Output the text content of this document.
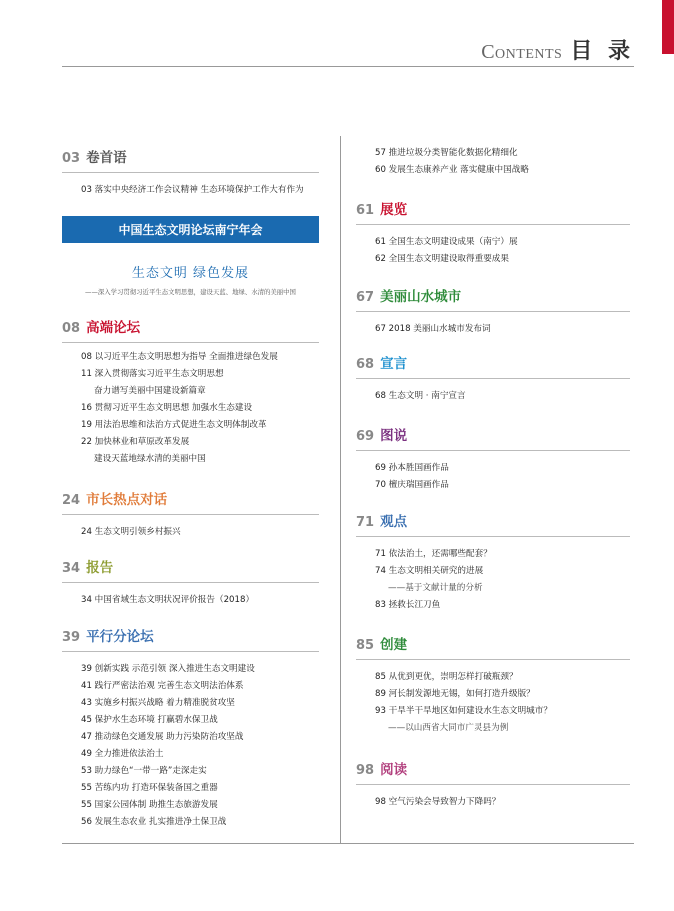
Contents 目 录
03 卷首语
03 落实中央经济工作会议精神 生态环境保护工作大有作为
中国生态文明论坛南宁年会
生态文明 绿色发展
——深入学习贯彻习近平生态文明思想，建设天蓝、地绿、水清的美丽中国
08 高端论坛
08 以习近平生态文明思想为指导 全面推进绿色发展
11 深入贯彻落实习近平生态文明思想
奋力谱写美丽中国建设新篇章
16 贯彻习近平生态文明思想 加强水生态建设
19 用法治思维和法治方式促进生态文明体制改革
22 加快林业和草原改革发展
建设天蓝地绿水清的美丽中国
24 市长热点对话
24 生态文明引领乡村振兴
34 报告
34 中国省域生态文明状况评价报告（2018）
39 平行分论坛
39 创新实践 示范引领 深入推进生态文明建设
41 践行严密法治观 完善生态文明法治体系
43 实施乡村振兴战略 着力精准脱贫攻坚
45 保护水生态环境 打赢碧水保卫战
47 推动绿色交通发展 助力污染防治攻坚战
49 全力推进依法治土
53 助力绿色“一带一路”走深走实
55 苦练内功 打造环保装备国之重器
55 国家公园体制 助推生态旅游发展
56 发展生态农业 扎实推进净土保卫战
57 推进垃圾分类智能化数据化精细化
60 发展生态康养产业 落实健康中国战略
61 展览
61 全国生态文明建设成果（南宁）展
62 全国生态文明建设取得重要成果
67 美丽山水城市
67 2018 美丽山水城市发布词
68 宣言
68 生态文明 · 南宁宣言
69 图说
69 孙本胜国画作品
70 檀庆瑞国画作品
71 观点
71 依法治土，还需哪些配套？
74 生态文明相关研究的进展
——基于文献计量的分析
83 拯救长江刀鱼
85 创建
85 从优到更优，崇明怎样打破瓶颈？
89 河长制发源地无锡，如何打造升级版？
93 干旱半干旱地区如何建设水生态文明城市？
——以山西省大同市广灵县为例
98 阅读
98 空气污染会导致智力下降吗？
